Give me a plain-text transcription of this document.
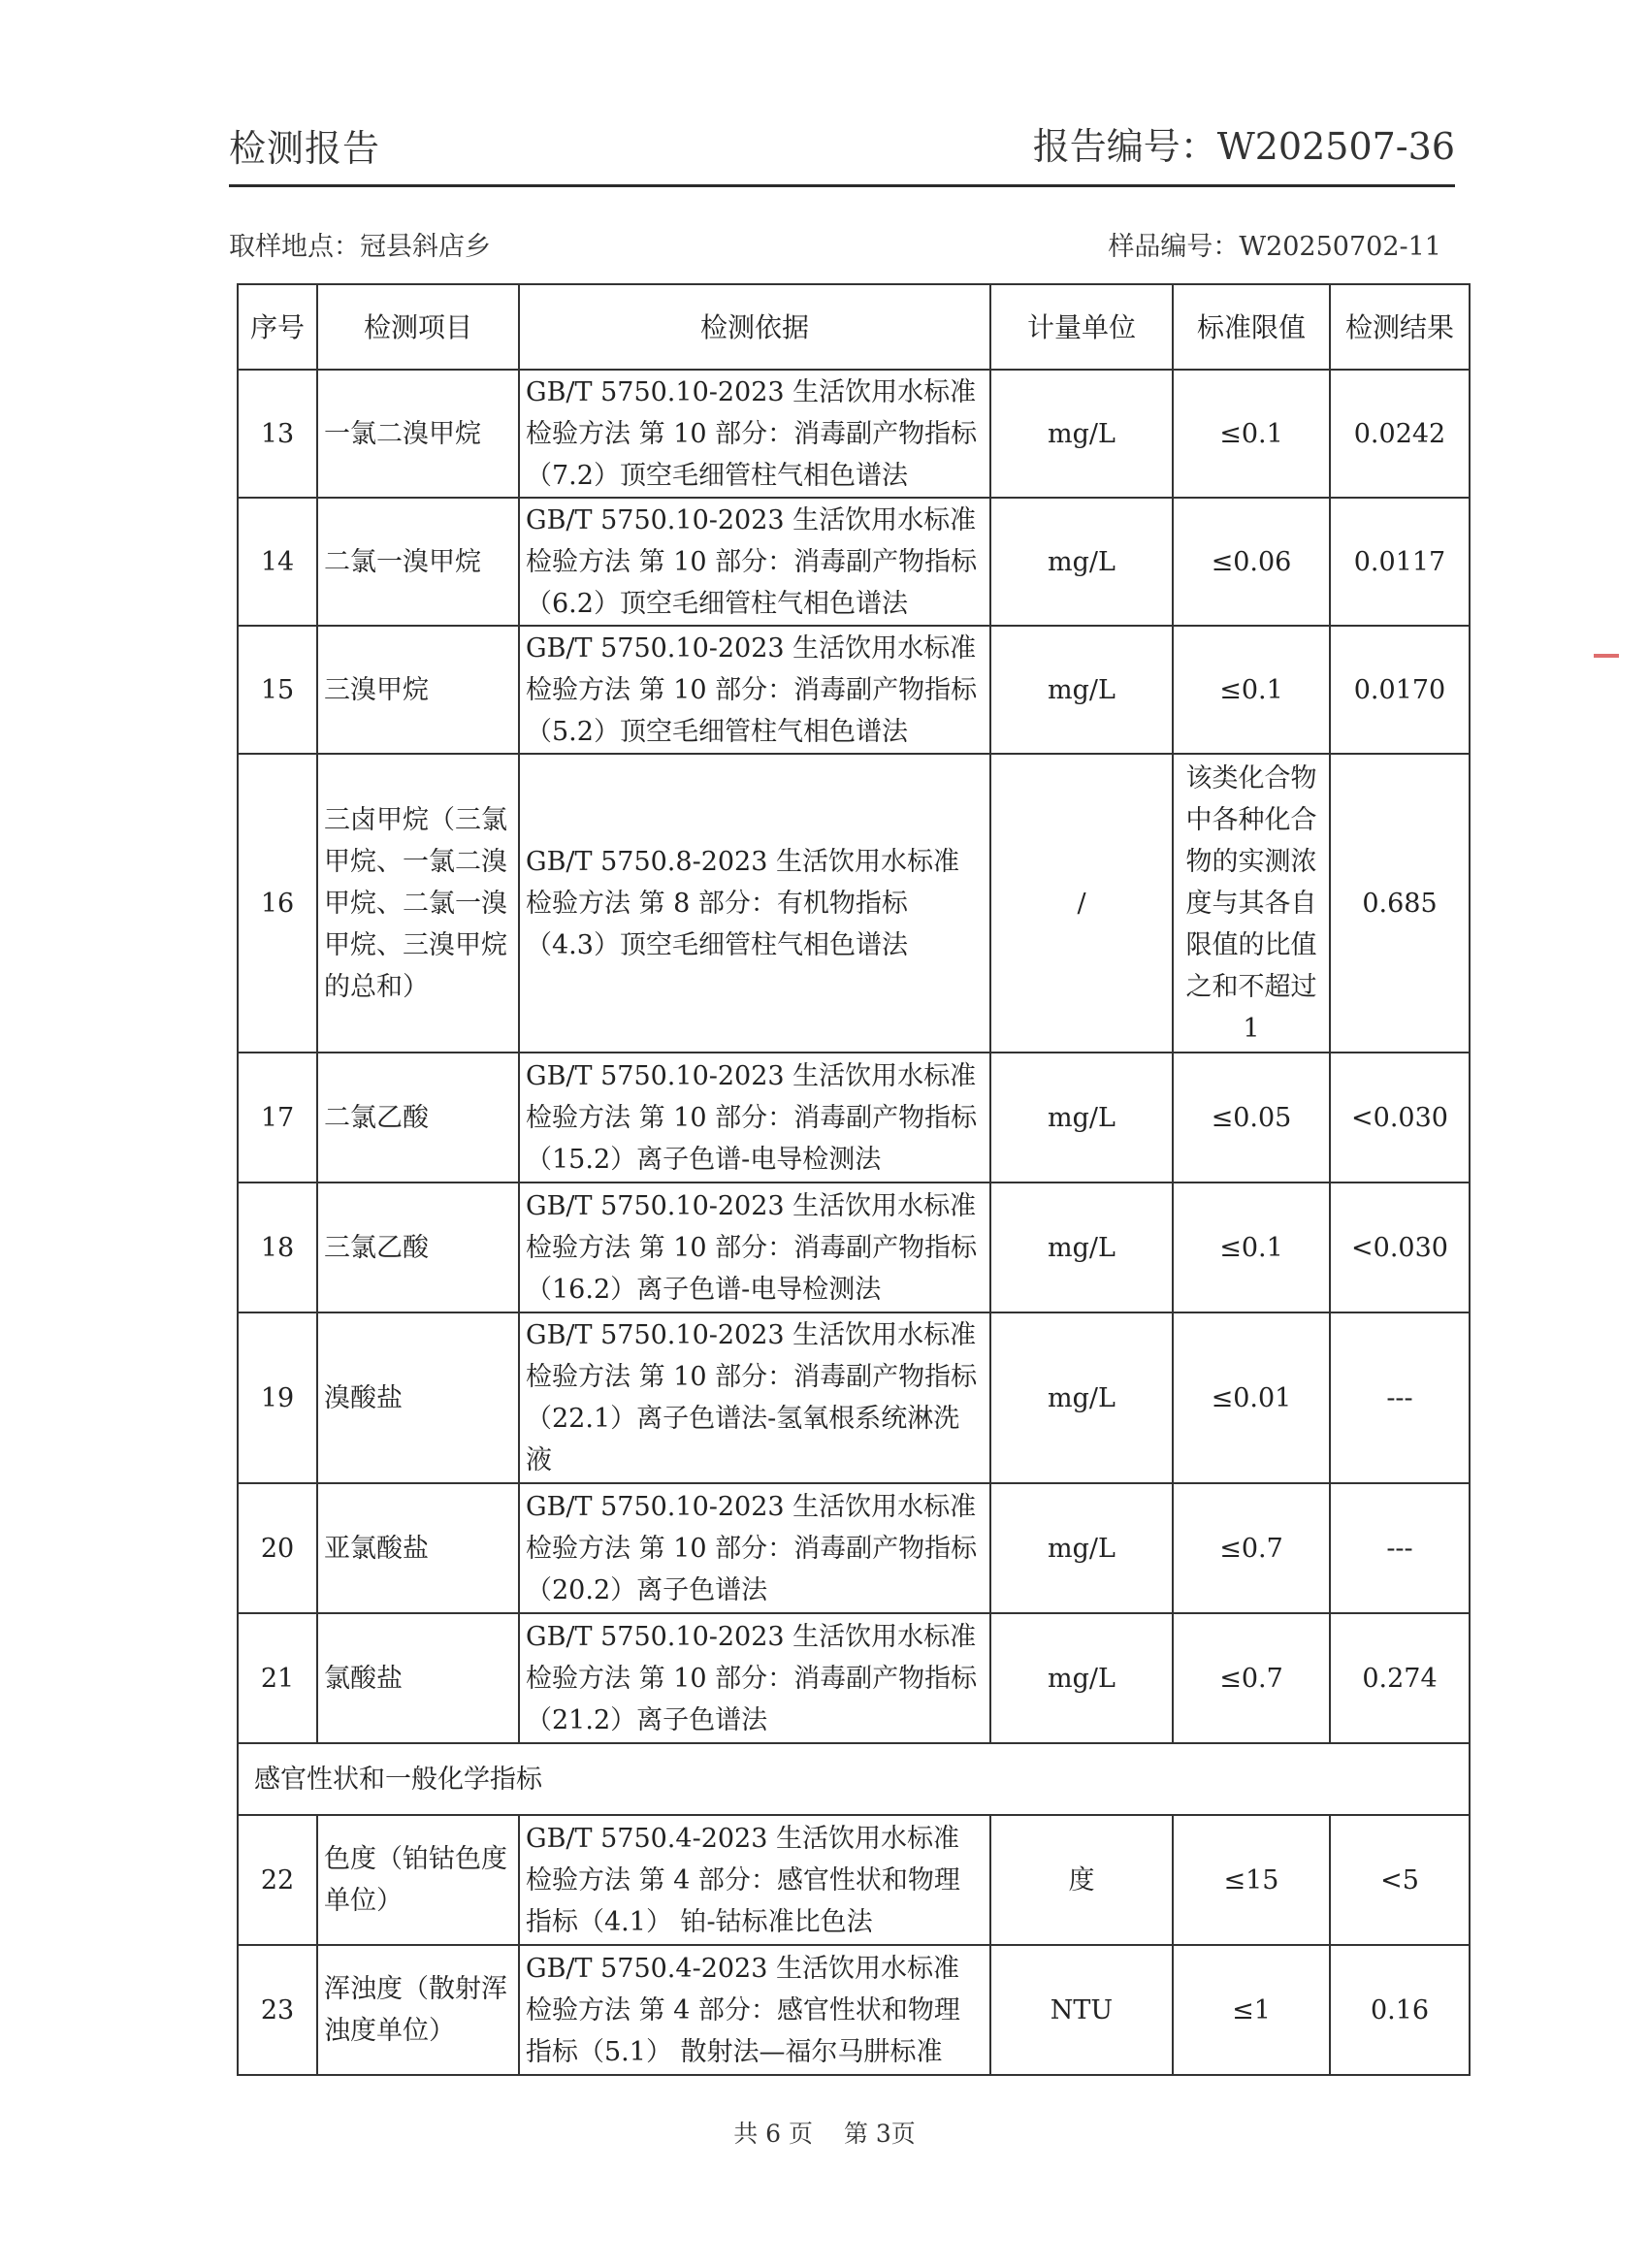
检测报告	报告编号：W202507-36
取样地点：冠县斜店乡	样品编号：W20250702-11
序号	检测项目	检测依据	计量单位	标准限值	检测结果
13	一氯二溴甲烷	GB/T 5750.10-2023 生活饮用水标准检验方法 第 10 部分：消毒副产物指标（7.2）顶空毛细管柱气相色谱法	mg/L	≤0.1	0.0242
14	二氯一溴甲烷	GB/T 5750.10-2023 生活饮用水标准检验方法 第 10 部分：消毒副产物指标（6.2）顶空毛细管柱气相色谱法	mg/L	≤0.06	0.0117
15	三溴甲烷	GB/T 5750.10-2023 生活饮用水标准检验方法 第 10 部分：消毒副产物指标（5.2）顶空毛细管柱气相色谱法	mg/L	≤0.1	0.0170
16	三卤甲烷（三氯甲烷、一氯二溴甲烷、二氯一溴甲烷、三溴甲烷的总和）	GB/T 5750.8-2023 生活饮用水标准检验方法 第 8 部分：有机物指标（4.3）顶空毛细管柱气相色谱法	/	该类化合物中各种化合物的实测浓度与其各自限值的比值之和不超过1	0.685
17	二氯乙酸	GB/T 5750.10-2023 生活饮用水标准检验方法 第 10 部分：消毒副产物指标（15.2）离子色谱-电导检测法	mg/L	≤0.05	<0.030
18	三氯乙酸	GB/T 5750.10-2023 生活饮用水标准检验方法 第 10 部分：消毒副产物指标（16.2）离子色谱-电导检测法	mg/L	≤0.1	<0.030
19	溴酸盐	GB/T 5750.10-2023 生活饮用水标准检验方法 第 10 部分：消毒副产物指标（22.1）离子色谱法-氢氧根系统淋洗液	mg/L	≤0.01	---
20	亚氯酸盐	GB/T 5750.10-2023 生活饮用水标准检验方法 第 10 部分：消毒副产物指标（20.2）离子色谱法	mg/L	≤0.7	---
21	氯酸盐	GB/T 5750.10-2023 生活饮用水标准检验方法 第 10 部分：消毒副产物指标（21.2）离子色谱法	mg/L	≤0.7	0.274
感官性状和一般化学指标					
22	色度（铂钴色度单位）	GB/T 5750.4-2023 生活饮用水标准检验方法 第 4 部分：感官性状和物理指标（4.1） 铂-钴标准比色法	度	≤15	<5
23	浑浊度（散射浑浊度单位）	GB/T 5750.4-2023 生活饮用水标准检验方法 第 4 部分：感官性状和物理指标（5.1） 散射法—福尔马肼标准	NTU	≤1	0.16
共 6 页 第 3页
